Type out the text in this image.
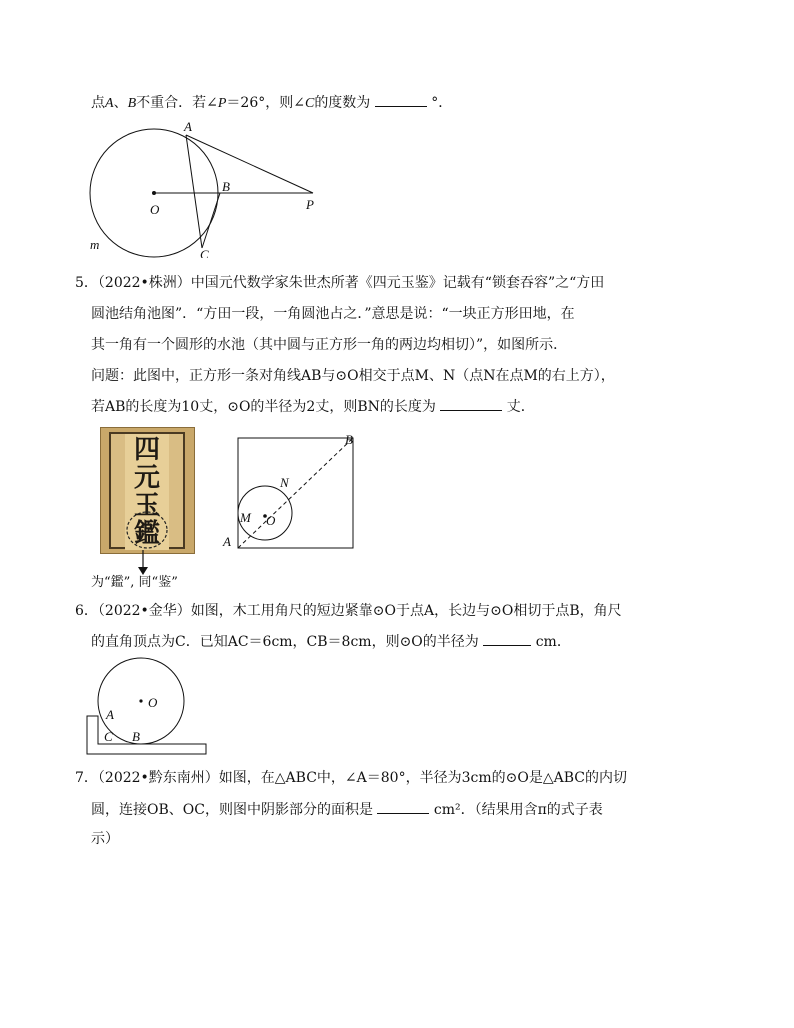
点A、B不重合．若∠P＝26°，则∠C的度数为	°．
A
B
O	P
C
m
5．（2022•株洲）中国元代数学家朱世杰所著《四元玉鉴》记载有“锁套吞容”之“方田
圆池结角池图”．“方田一段，一角圆池占之．”意思是说：“一块正方形田地，在
其一角有一个圆形的水池（其中圆与正方形一角的两边均相切）”，如图所示．
问题：此图中，正方形一条对角线AB与⊙O相交于点M、N（点N在点M的右上方），
若AB的长度为10丈，⊙O的半径为2丈，则BN的长度为	丈．
四
元
玉
鑑
为“鑑”, 同“鉴”
B
A
M
N
O
6．（2022•金华）如图，木工用角尺的短边紧靠⊙O于点A，长边与⊙O相切于点B，角尺
的直角顶点为C．已知AC＝6cm，CB＝8cm，则⊙O的半径为	cm．
O
A
C B
7．（2022•黔东南州）如图，在△ABC中，∠A＝80°，半径为3cm的⊙O是△ABC的内切
圆，连接OB、OC，则图中阴影部分的面积是	cm²．（结果用含π的式子表
示）
